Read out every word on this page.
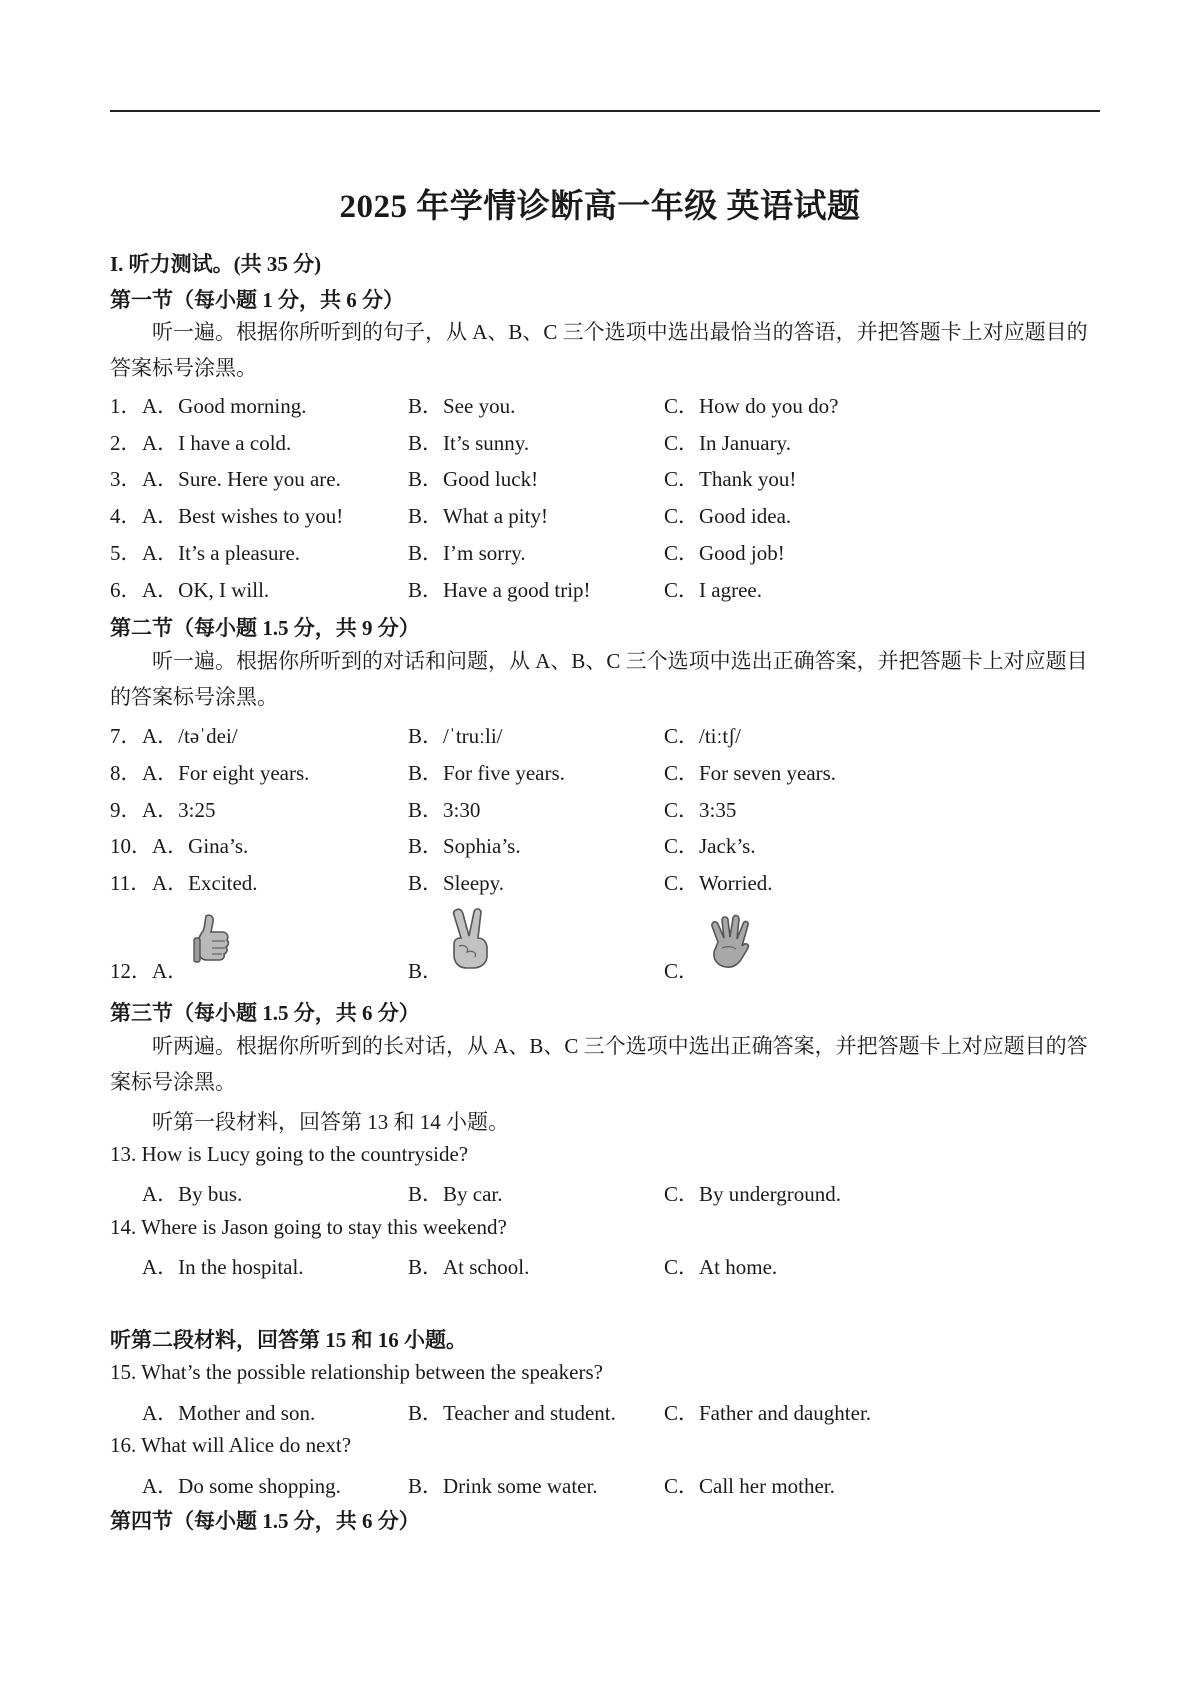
2025 年学情诊断高一年级 英语试题
I. 听力测试。(共 35 分)
第一节（每小题 1 分，共 6 分）
听一遍。根据你所听到的句子，从 A、B、C 三个选项中选出最恰当的答语，并把答题卡上对应题目的答案标号涂黑。
1． A．Good morning.	B．See you.	C．How do you do?
2． A．I have a cold.	B．It’s sunny.	C．In January.
3． A．Sure. Here you are.	B．Good luck!	C．Thank you!
4． A．Best wishes to you!	B．What a pity!	C．Good idea.
5． A．It’s a pleasure.	B．I’m sorry.	C．Good job!
6． A．OK, I will.	B．Have a good trip!	C．I agree.
第二节（每小题 1.5 分，共 9 分）
听一遍。根据你所听到的对话和问题，从 A、B、C 三个选项中选出正确答案，并把答题卡上对应题目的答案标号涂黑。
7． A．/təˈdei/	B．/ˈtruːli/	C．/tiːtʃ/
8． A．For eight years.	B．For five years.	C．For seven years.
9． A．3:25	B．3:30	C．3:35
10． A．Gina’s.	B．Sophia’s.	C．Jack’s.
11． A．Excited.	B．Sleepy.	C．Worried.
12． A．	B．	C．
第三节（每小题 1.5 分，共 6 分）
听两遍。根据你所听到的长对话，从 A、B、C 三个选项中选出正确答案，并把答题卡上对应题目的答案标号涂黑。
听第一段材料，回答第 13 和 14 小题。
13. How is Lucy going to the countryside?
A．By bus.	B．By car.	C．By underground.
14. Where is Jason going to stay this weekend?
A．In the hospital.	B．At school.	C．At home.
听第二段材料，回答第 15 和 16 小题。
15. What’s the possible relationship between the speakers?
A．Mother and son.	B．Teacher and student. C．Father and daughter.
16. What will Alice do next?
A．Do some shopping.	B．Drink some water.	C．Call her mother.
第四节（每小题 1.5 分，共 6 分）
